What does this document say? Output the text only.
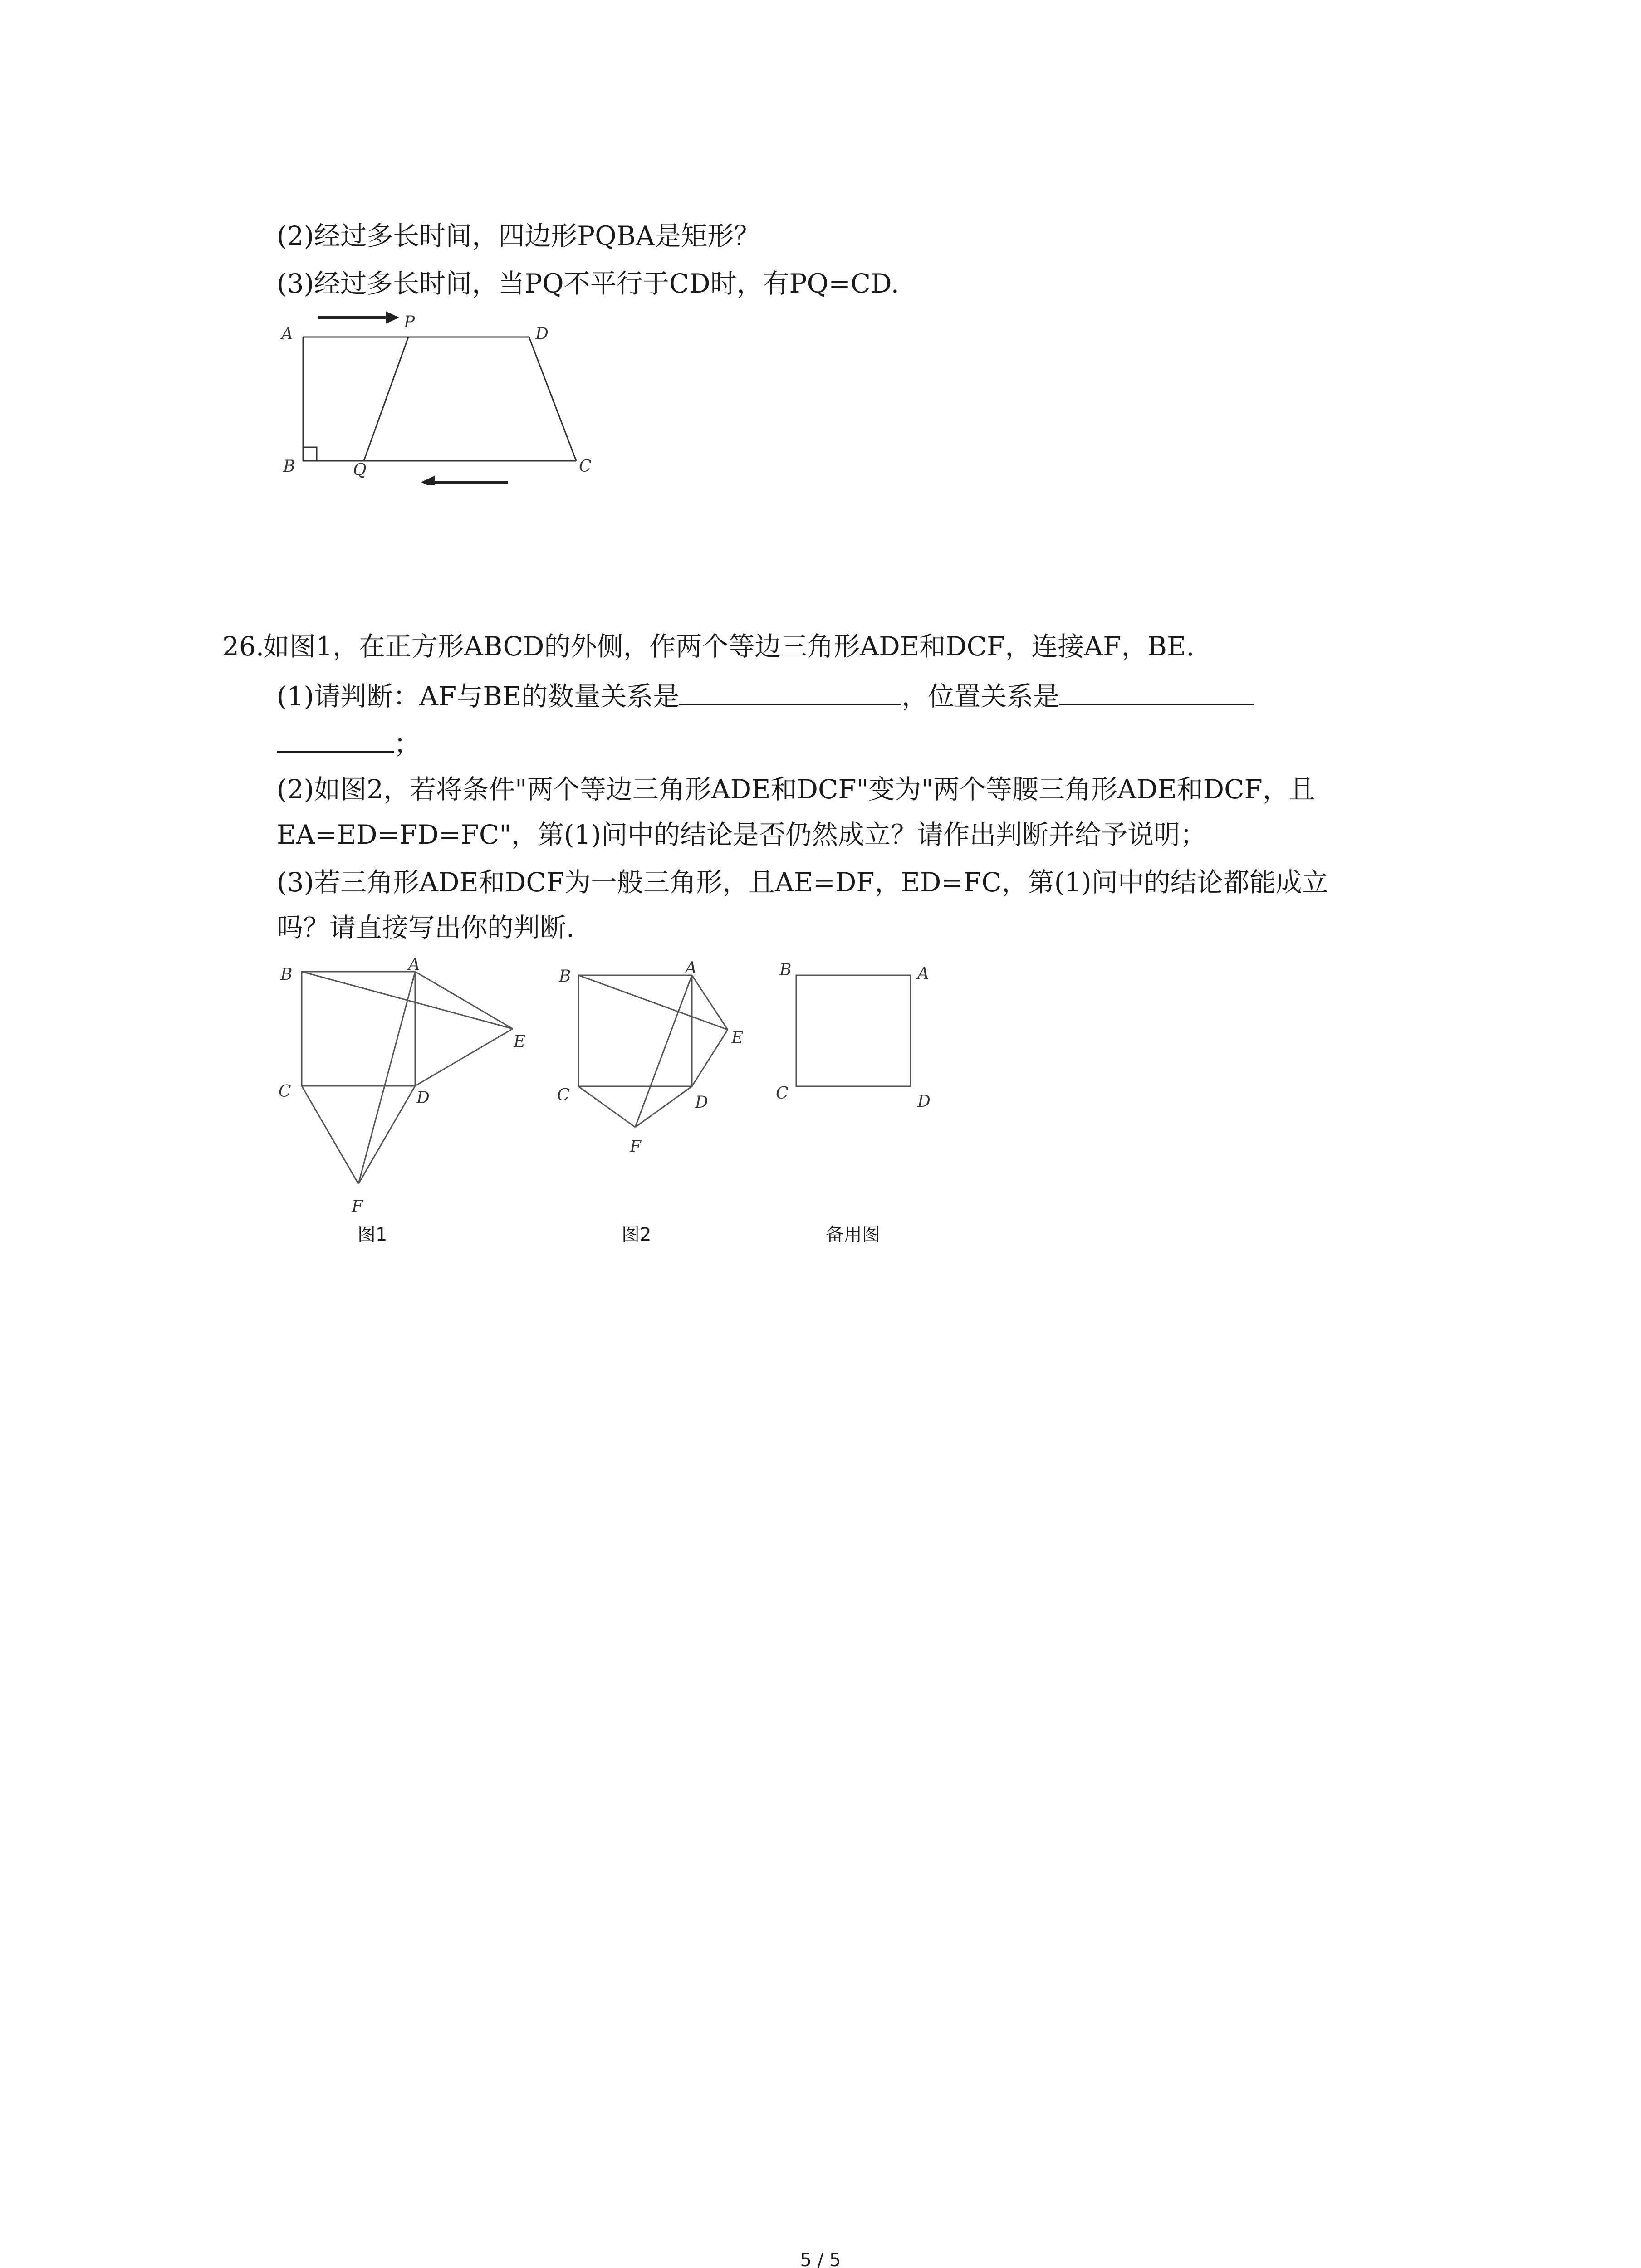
(2)经过多长时间，四边形PQBA是矩形？
(3)经过多长时间，当PQ不平行于CD时，有PQ=CD.
A
P
D
B	Q	C
26.如图1，在正方形ABCD的外侧，作两个等边三角形ADE和DCF，连接AF，BE.
(1)请判断：AF与BE的数量关系是	，位置关系是
；
(2)如图2，若将条件"两个等边三角形ADE和DCF"变为"两个等腰三角形ADE和DCF，且
EA=ED=FD=FC"，第(1)问中的结论是否仍然成立？请作出判断并给予说明；
(3)若三角形ADE和DCF为一般三角形，且AE=DF，ED=FC，第(1)问中的结论都能成立
吗？请直接写出你的判断.
B
A
E
C	D
F
图1
B	A
E
C	D
F
图2
B	A
C	D
备用图
5 / 5
